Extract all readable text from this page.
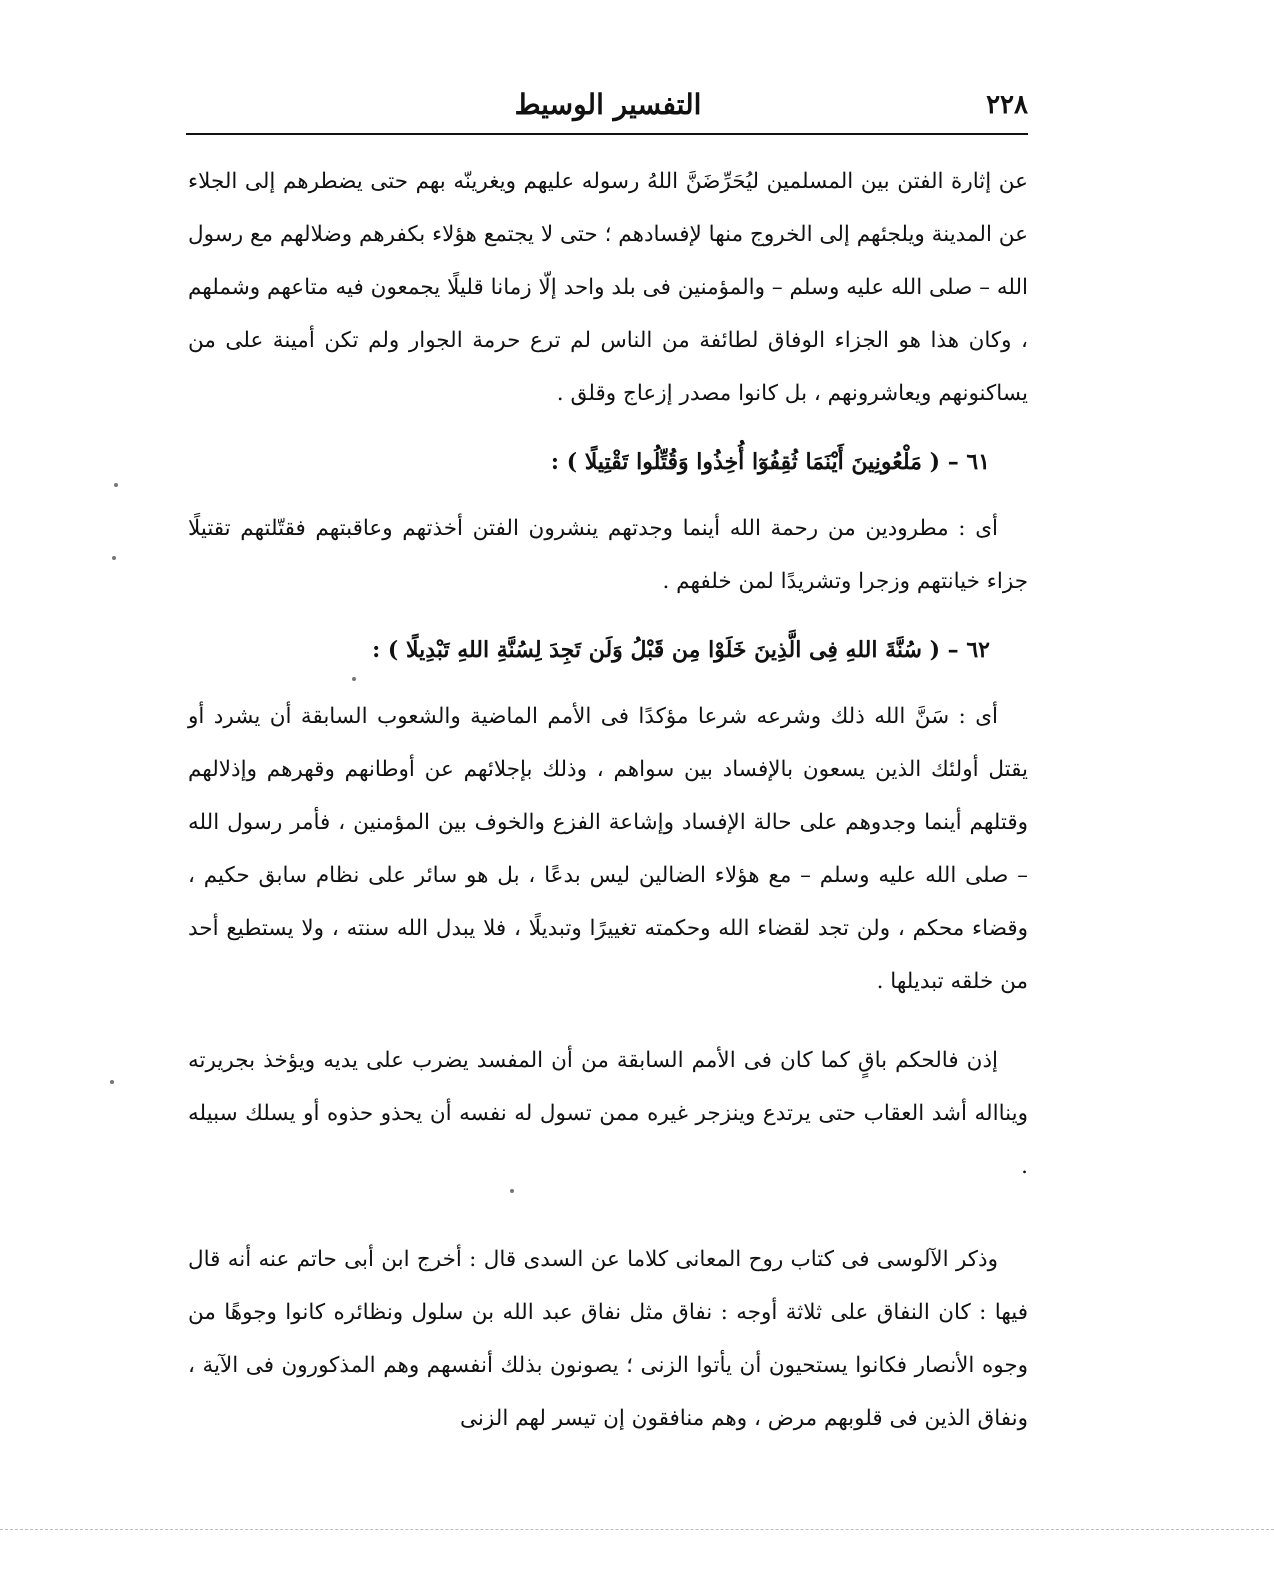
٢٢٨
التفسير الوسيط

عن إثارة الفتن بين المسلمين ليُحَرِّضَنَّ اللهُ رسوله عليهم ويغرينّه بهم حتى يضطرهم إلى الجلاء عن المدينة ويلجئهم إلى الخروج منها لإفسادهم ؛ حتى لا يجتمع هؤلاء بكفرهم وضلالهم مع رسول الله – صلى الله عليه وسلم – والمؤمنين فى بلد واحد إلّا زمانا قليلًا يجمعون فيه متاعهم وشملهم ، وكان هذا هو الجزاء الوفاق لطائفة من الناس لم ترع حرمة الجوار ولم تكن أمينة على من يساكنونهم ويعاشرونهم ، بل كانوا مصدر إزعاج وقلق .

٦١ – ( مَلْعُونِينَ أَيْنَمَا ثُقِفُوٓا أُخِذُوا وَقُتِّلُوا تَقْتِيلًا ) :

أى : مطرودين من رحمة الله أينما وجدتهم ينشرون الفتن أخذتهم وعاقبتهم فقتّلتهم تقتيلًا جزاء خيانتهم وزجرا وتشريدًا لمن خلفهم .

٦٢ – ( سُنَّةَ اللهِ فِى الَّذِينَ خَلَوْا مِن قَبْلُ وَلَن تَجِدَ لِسُنَّةِ اللهِ تَبْدِيلًا ) :

أى : سَنَّ الله ذلك وشرعه شرعا مؤكدًا فى الأمم الماضية والشعوب السابقة أن يشرد أو يقتل أولئك الذين يسعون بالإفساد بين سواهم ، وذلك بإجلائهم عن أوطانهم وقهرهم وإذلالهم وقتلهم أينما وجدوهم على حالة الإفساد وإشاعة الفزع والخوف بين المؤمنين ، فأمر رسول الله – صلى الله عليه وسلم – مع هؤلاء الضالين ليس بدعًا ، بل هو سائر على نظام سابق حكيم ، وقضاء محكم ، ولن تجد لقضاء الله وحكمته تغييرًا وتبديلًا ، فلا يبدل الله سنته ، ولا يستطيع أحد من خلقه تبديلها .

إذن فالحكم باقٍ كما كان فى الأمم السابقة من أن المفسد يضرب على يديه ويؤخذ بجريرته وينااله أشد العقاب حتى يرتدع وينزجر غيره ممن تسول له نفسه أن يحذو حذوه أو يسلك سبيله .

وذكر الآلوسى فى كتاب روح المعانى كلاما عن السدى قال : أخرج ابن أبى حاتم عنه أنه قال فيها : كان النفاق على ثلاثة أوجه : نفاق مثل نفاق عبد الله بن سلول ونظائره كانوا وجوهًا من وجوه الأنصار فكانوا يستحيون أن يأتوا الزنى ؛ يصونون بذلك أنفسهم وهم المذكورون فى الآية ، ونفاق الذين فى قلوبهم مرض ، وهم منافقون إن تيسر لهم الزنى
